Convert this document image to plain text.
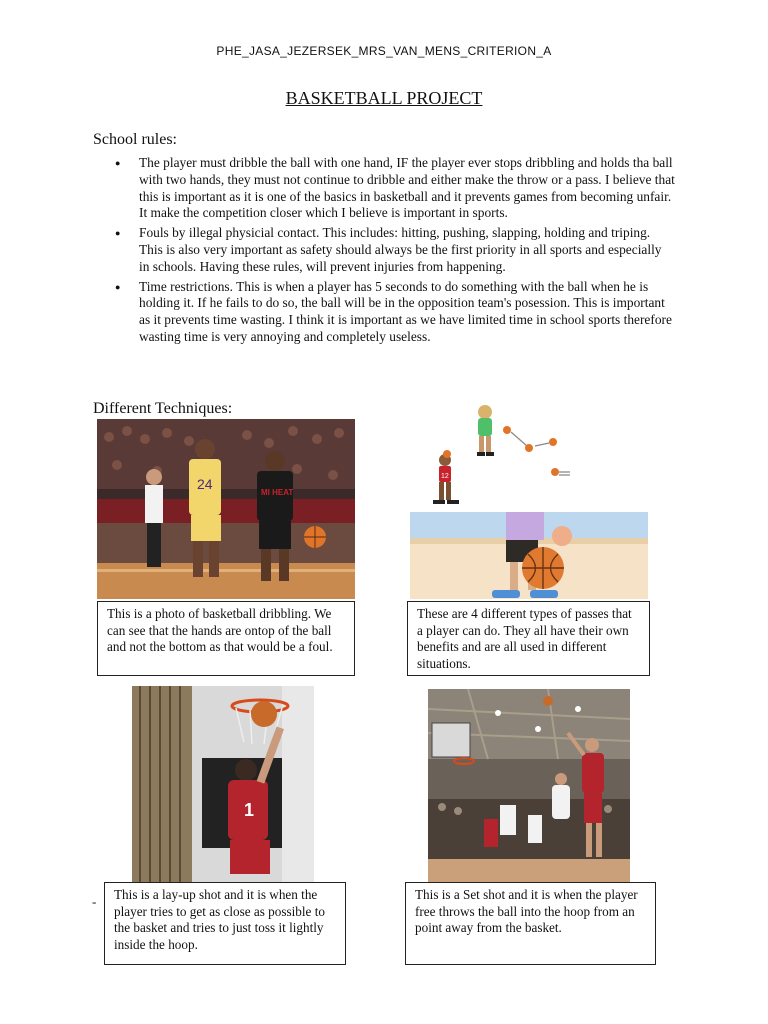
PHE_JASA_JEZERSEK_MRS_VAN_MENS_CRITERION_A
BASKETBALL PROJECT
School rules:
● The player must dribble the ball with one hand, IF the player ever stops dribbling and holds tha ball with two hands, they must not continue to dribble and either make the throw or a pass. I believe that this is important as it is one of the basics in basketball and it prevents games from becoming unfair. It make the competition closer which I believe is important in sports.
● Fouls by illegal physicial contact. This includes: hitting, pushing, slapping, holding and triping. This is also very important as safety should always be the first priority in all sports and especially in schools. Having these rules, will prevent injuries from happening.
● Time restrictions. This is when a player has 5 seconds to do something with the ball when he is holding it. If he fails to do so, the ball will be in the opposition team's posession. This is important as it prevents time wasting. I think it is important as we have limited time in school sports therefore wasting time is very annoying and completely useless.
Different Techniques:
24
MI HEAT
12
This is a photo of basketball dribbling. We can see that the hands are ontop of the ball and not the bottom as that would be a foul.
These are 4 different types of passes that a player can do. They all have their own benefits and are all used in different situations.
1
-	This is a lay-up shot and it is when the player tries to get as close as possible to the basket and tries to just toss it lightly inside the hoop.
This is a Set shot and it is when the player free throws the ball into the hoop from an point away from the basket.
